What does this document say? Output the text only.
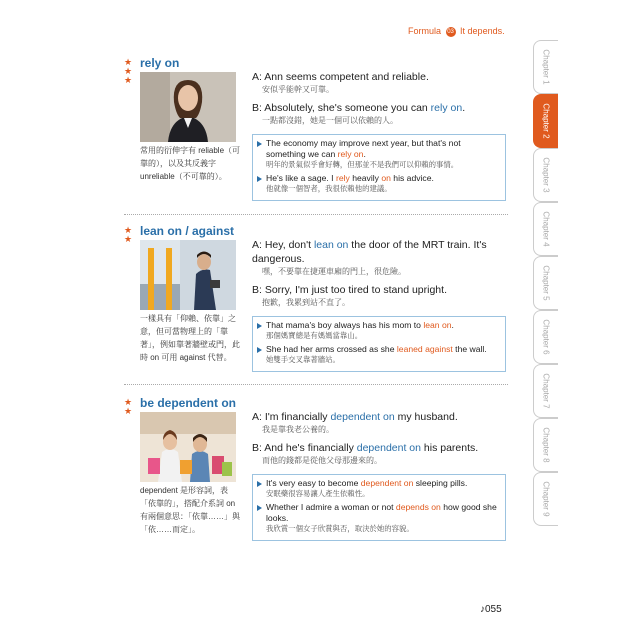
Formula 03 It depends.
Chapter 1
Chapter 2
Chapter 3
Chapter 4
Chapter 5
Chapter 6
Chapter 7
Chapter 8
Chapter 9
★
★
★
rely on
常用的衍伸字有 reliable（可靠的），以及其反義字 unreliable（不可靠的）。
A: Ann seems competent and reliable.
安似乎能幹又可靠。
B: Absolutely, she's someone you can rely on.
一點都沒錯，她是一個可以依賴的人。
The economy may improve next year, but that's not something we can rely on.
明年的景氣似乎會好轉，但那並不是我們可以仰賴的事情。
He's like a sage. I rely heavily on his advice.
他就像一個智者，我很依賴他的建議。
★
★
lean on / against
一樣具有「仰賴、依靠」之意，但可當物理上的「靠著」，例如靠著牆壁或門，此時 on 可用 against 代替。
A: Hey, don't lean on the door of the MRT train. It's dangerous.
嘿，不要靠在捷運車廂的門上，很危險。
B: Sorry, I'm just too tired to stand upright.
抱歉，我累到站不直了。
That mama's boy always has his mom to lean on.
那個媽寶總是有媽媽當靠山。
She had her arms crossed as she leaned against the wall.
她雙手交叉靠著牆站。
★
★
be dependent on
dependent 是形容詞，表「依靠的」，搭配介系詞 on 有兩個意思：「依靠……」與「依……而定」。
A: I'm financially dependent on my husband.
我是靠我老公養的。
B: And he's financially dependent on his parents.
而他的錢都是從他父母那邊來的。
It's very easy to become dependent on sleeping pills.
安眠藥很容易讓人產生依賴性。
Whether I admire a woman or not depends on how good she looks.
我欣賞一個女子欣賞與否，取決於她的容貌。
♪055
